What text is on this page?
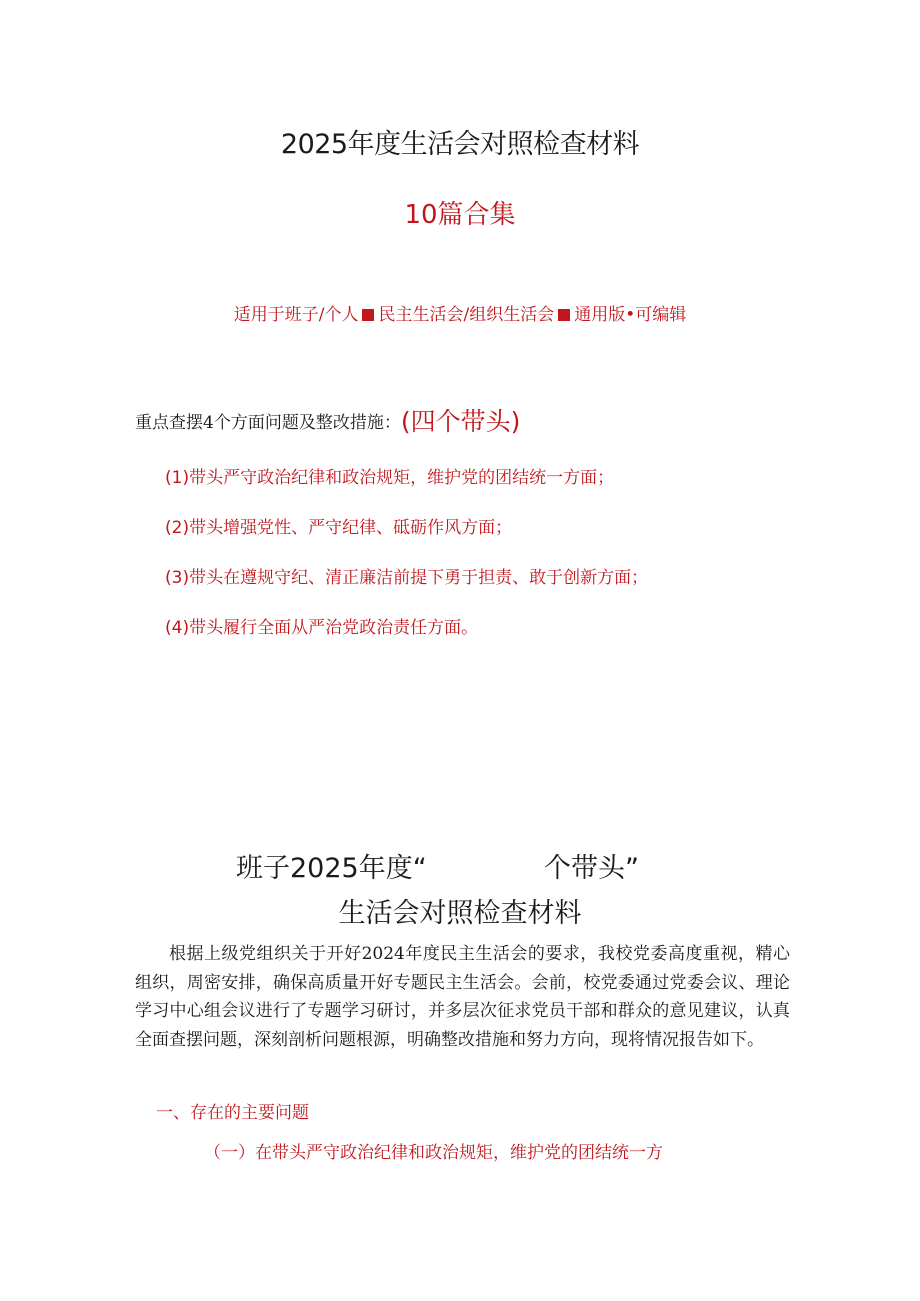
2025年度生活会对照检查材料
10篇合集
适用于班子/个人 民主生活会/组织生活会 通用版•可编辑
重点查摆4个方面问题及整改措施：(四个带头)
(1)带头严守政治纪律和政治规矩，维护党的团结统一方面；
(2)带头增强党性、严守纪律、砥砺作风方面；
(3)带头在遵规守纪、清正廉洁前提下勇于担责、敢于创新方面；
(4)带头履行全面从严治党政治责任方面。
班子2025年度“	个带头”
生活会对照检查材料
根据上级党组织关于开好2024年度民主生活会的要求，我校党委高度重视，精心组织，周密安排，确保高质量开好专题民主生活会。会前，校党委通过党委会议、理论学习中心组会议进行了专题学习研讨，并多层次征求党员干部和群众的意见建议，认真全面查摆问题，深刻剖析问题根源，明确整改措施和努力方向，现将情况报告如下。
一、存在的主要问题
（一）在带头严守政治纪律和政治规矩，维护党的团结统一方
